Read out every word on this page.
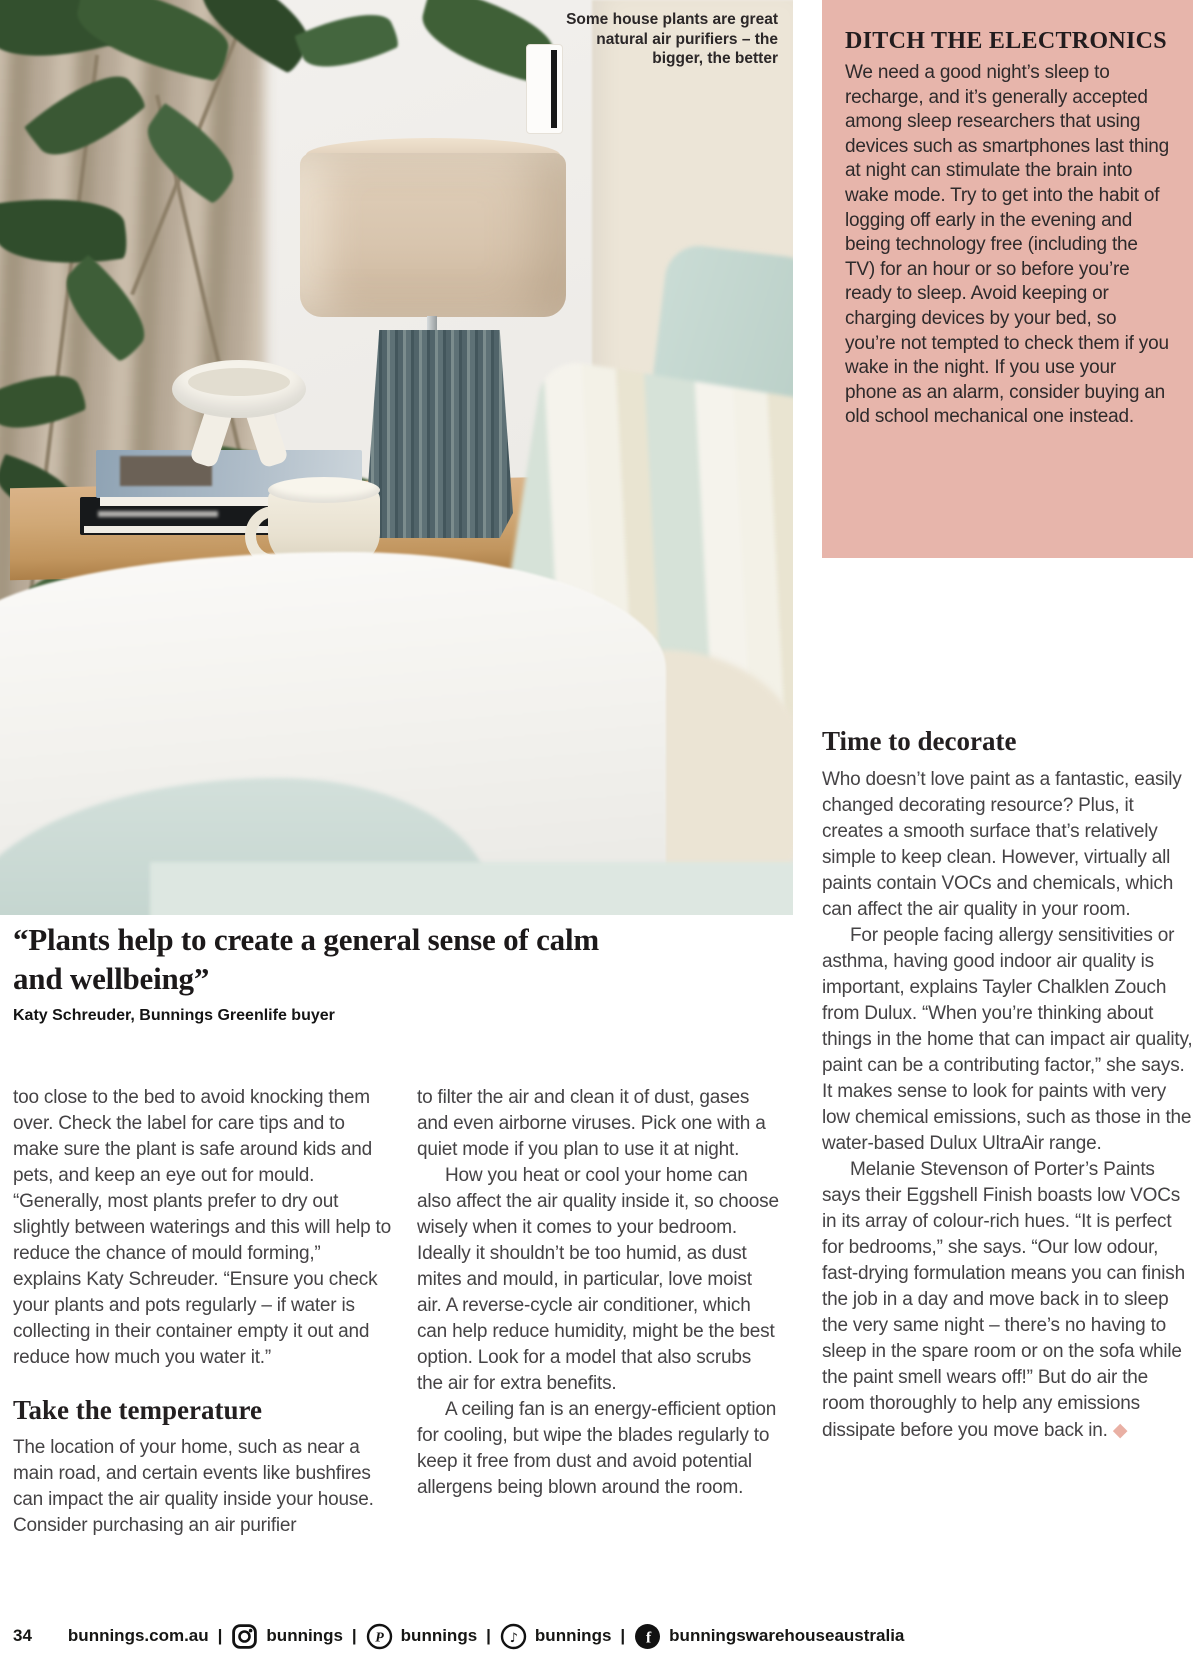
Some house plants are great natural air purifiers – the bigger, the better
DITCH THE ELECTRONICS

We need a good night’s sleep to recharge, and it’s generally accepted among sleep researchers that using devices such as smartphones last thing at night can stimulate the brain into wake mode. Try to get into the habit of logging off early in the evening and being technology free (including the TV) for an hour or so before you’re ready to sleep. Avoid keeping or charging devices by your bed, so you’re not tempted to check them if you wake in the night. If you use your phone as an alarm, consider buying an old school mechanical one instead.

“Plants help to create a general sense of calm and wellbeing”
Katy Schreuder, Bunnings Greenlife buyer

too close to the bed to avoid knocking them over. Check the label for care tips and to make sure the plant is safe around kids and pets, and keep an eye out for mould. “Generally, most plants prefer to dry out slightly between waterings and this will help to reduce the chance of mould forming,” explains Katy Schreuder. “Ensure you check your plants and pots regularly – if water is collecting in their container empty it out and reduce how much you water it.”

Take the temperature

The location of your home, such as near a main road, and certain events like bushfires can impact the air quality inside your house. Consider purchasing an air purifier

to filter the air and clean it of dust, gases and even airborne viruses. Pick one with a quiet mode if you plan to use it at night.

How you heat or cool your home can also affect the air quality inside it, so choose wisely when it comes to your bedroom. Ideally it shouldn’t be too humid, as dust mites and mould, in particular, love moist air. A reverse-cycle air conditioner, which can help reduce humidity, might be the best option. Look for a model that also scrubs the air for extra benefits.

A ceiling fan is an energy-efficient option for cooling, but wipe the blades regularly to keep it free from dust and avoid potential allergens being blown around the room.

Time to decorate

Who doesn’t love paint as a fantastic, easily changed decorating resource? Plus, it creates a smooth surface that’s relatively simple to keep clean. However, virtually all paints contain VOCs and chemicals, which can affect the air quality in your room.

For people facing allergy sensitivities or asthma, having good indoor air quality is important, explains Tayler Chalklen Zouch from Dulux. “When you’re thinking about things in the home that can impact air quality, paint can be a contributing factor,” she says. It makes sense to look for paints with very low chemical emissions, such as those in the water-based Dulux UltraAir range.

Melanie Stevenson of Porter’s Paints says their Eggshell Finish boasts low VOCs in its array of colour-rich hues. “It is perfect for bedrooms,” she says. “Our low odour, fast-drying formulation means you can finish the job in a day and move back in to sleep the very same night – there’s no having to sleep in the spare room or on the sofa while the paint smell wears off!” But do air the room thoroughly to help any emissions dissipate before you move back in. ◆

34 bunnings.com.au |	bunnings | P bunnings | ♪ bunnings | f bunningswarehouseaustralia
